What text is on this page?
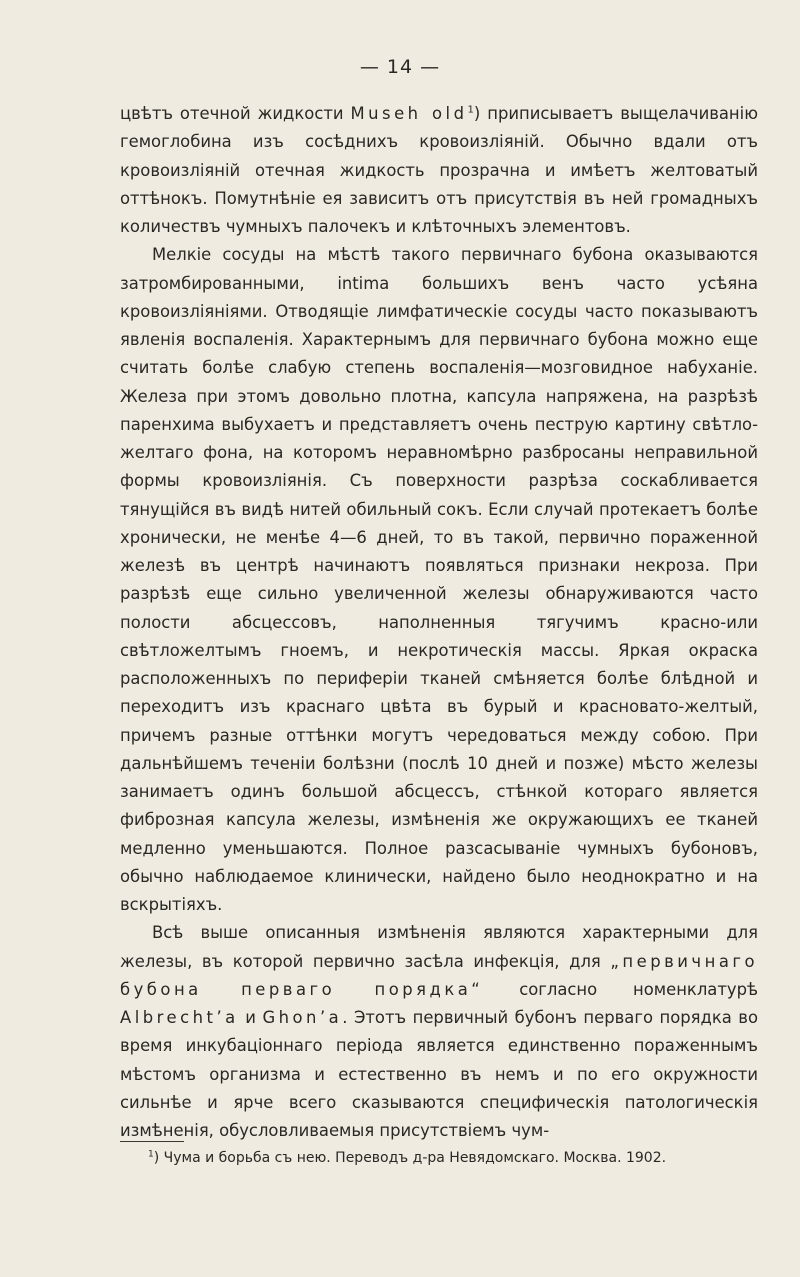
— 14 —

цвѣтъ отечной жидкости Museh old$^1$) приписываетъ выщелачиванію гемоглобина изъ сосѣднихъ кровоизліяній. Обычно вдали отъ кровоизліяній отечная жидкость прозрачна и имѣетъ желтоватый оттѣнокъ. Помутнѣніе ея зависитъ отъ присутствія въ ней громадныхъ количествъ чумныхъ палочекъ и клѣточныхъ элементовъ.

Мелкіе сосуды на мѣстѣ такого первичнаго бубона оказываются затромбированными, intima большихъ венъ часто усѣяна кровоизліяніями. Отводящіе лимфатическіе сосуды часто показываютъ явленія воспаленія. Характернымъ для первичнаго бубона можно еще считать болѣе слабую степень воспаленія—мозговидное набуханіе. Железа при этомъ довольно плотна, капсула напряжена, на разрѣзѣ паренхима выбухаетъ и представляетъ очень пеструю картину свѣтло-желтаго фона, на которомъ неравномѣрно разбросаны неправильной формы кровоизліянія. Съ поверхности разрѣза соскабливается тянущійся въ видѣ нитей обильный сокъ. Если случай протекаетъ болѣе хронически, не менѣе 4—6 дней, то въ такой, первично пораженной железѣ въ центрѣ начинаютъ появляться признаки некроза. При разрѣзѣ еще сильно увеличенной железы обнаруживаются часто полости абсцессовъ, наполненныя тягучимъ красно-или свѣтложелтымъ гноемъ, и некротическія массы. Яркая окраска расположенныхъ по периферіи тканей смѣняется болѣе блѣдной и переходитъ изъ краснаго цвѣта въ бурый и красновато-желтый, причемъ разные оттѣнки могутъ чередоваться между собою. При дальнѣйшемъ теченіи болѣзни (послѣ 10 дней и позже) мѣсто железы занимаетъ одинъ большой абсцессъ, стѣнкой котораго является фиброзная капсула железы, измѣненія же окружающихъ ее тканей медленно уменьшаются. Полное разсасываніе чумныхъ бубоновъ, обычно наблюдаемое клинически, найдено было неоднократно и на вскрытіяхъ.

Всѣ выше описанныя измѣненія являются характерными для железы, въ которой первично засѣла инфекція, для „первичнаго бубона перваго порядка“ согласно номенклатурѣ Albrecht’a и Ghon’a. Этотъ первичный бубонъ перваго порядка во время инкубаціоннаго періода является единственно пораженнымъ мѣстомъ организма и естественно въ немъ и по его окружности сильнѣе и ярче всего сказываются специфическія патологическія измѣненія, обусловливаемыя присутствіемъ чум-

$^1$) Чума и борьба съ нею. Переводъ д-ра Невядомскаго. Москва. 1902.
